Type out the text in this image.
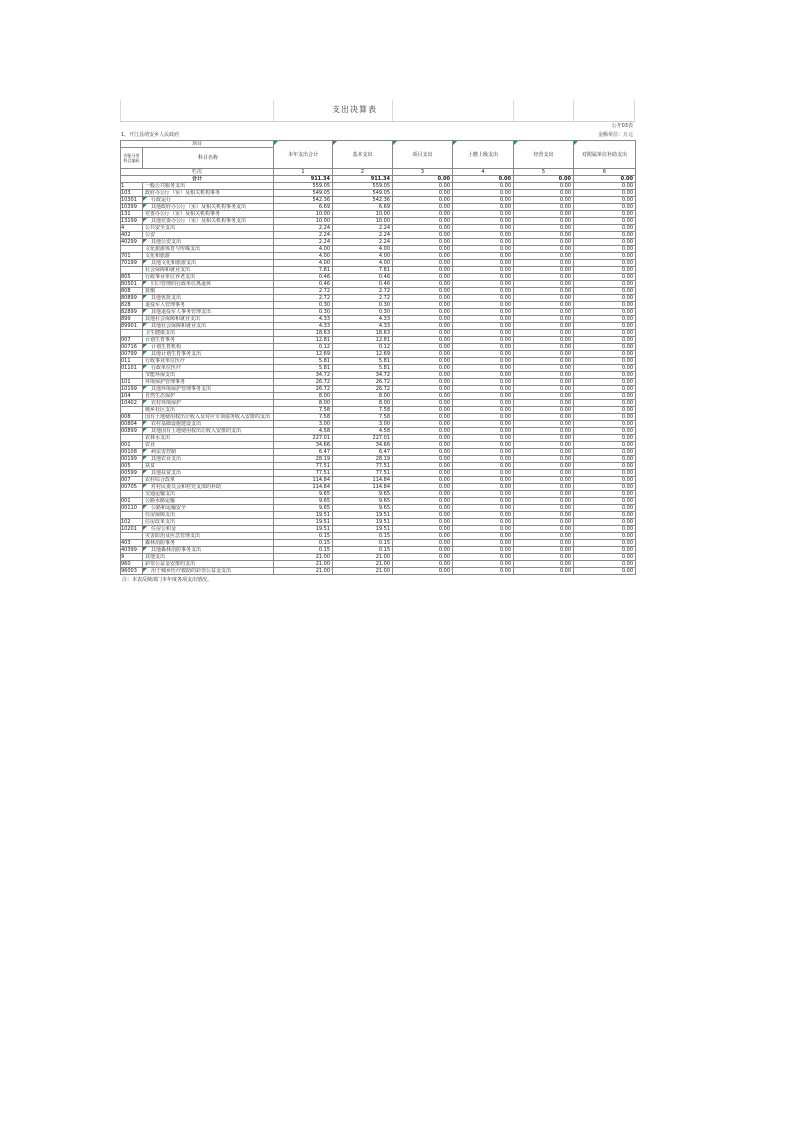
支出决算表
公开03表
1、开江县靖安乡人民政府	金额单位：万元
项目		本年支出合计	基本支出	项目支出	上缴上级支出	经营支出	对附属单位补助支出
功能分类科目编码	科目名称						
栏次		1	2	3	4	5	6
合计		911.34	911.34	0.00	0.00	0.00	0.00
1	一般公共服务支出	559.05	559.05	0.00	0.00	0.00	0.00
103	政府办公厅（室）及相关机构事务	549.05	549.05	0.00	0.00	0.00	0.00
10301	行政运行	542.36	542.36	0.00	0.00	0.00	0.00
10399	其他政府办公厅（室）及相关机构事务支出	6.69	6.69	0.00	0.00	0.00	0.00
131	党委办公厅（室）及相关机构事务	10.00	10.00	0.00	0.00	0.00	0.00
13199	其他党委办公厅（室）及相关机构事务支出	10.00	10.00	0.00	0.00	0.00	0.00
4	公共安全支出	2.24	2.24	0.00	0.00	0.00	0.00
402	公安	2.24	2.24	0.00	0.00	0.00	0.00
40299	其他公安支出	2.24	2.24	0.00	0.00	0.00	0.00
	文化旅游体育与传媒支出	4.00	4.00	0.00	0.00	0.00	0.00
701	文化和旅游	4.00	4.00	0.00	0.00	0.00	0.00
70199	其他文化和旅游支出	4.00	4.00	0.00	0.00	0.00	0.00
	社会保障和就业支出	7.81	7.81	0.00	0.00	0.00	0.00
805	行政事业单位养老支出	0.46	0.46	0.00	0.00	0.00	0.00
80501	归口管理的行政单位离退休	0.46	0.46	0.00	0.00	0.00	0.00
808	抚恤	2.72	2.72	0.00	0.00	0.00	0.00
80899	其他优抚支出	2.72	2.72	0.00	0.00	0.00	0.00
828	退役军人管理事务	0.30	0.30	0.00	0.00	0.00	0.00
82899	其他退役军人事务管理支出	0.30	0.30	0.00	0.00	0.00	0.00
899	其他社会保障和就业支出	4.33	4.33	0.00	0.00	0.00	0.00
89901	其他社会保障和就业支出	4.33	4.33	0.00	0.00	0.00	0.00
	卫生健康支出	18.63	18.63	0.00	0.00	0.00	0.00
007	计划生育事务	12.81	12.81	0.00	0.00	0.00	0.00
00716	计划生育机构	0.12	0.12	0.00	0.00	0.00	0.00
00799	其他计划生育事务支出	12.69	12.69	0.00	0.00	0.00	0.00
011	行政事业单位医疗	5.81	5.81	0.00	0.00	0.00	0.00
01101	行政单位医疗	5.81	5.81	0.00	0.00	0.00	0.00
	节能环保支出	34.72	34.72	0.00	0.00	0.00	0.00
101	环境保护管理事务	26.72	26.72	0.00	0.00	0.00	0.00
10199	其他环境保护管理事务支出	26.72	26.72	0.00	0.00	0.00	0.00
104	自然生态保护	8.00	8.00	0.00	0.00	0.00	0.00
10402	农村环境保护	8.00	8.00	0.00	0.00	0.00	0.00
	城乡社区支出	7.58	7.58	0.00	0.00	0.00	0.00
008	国有土地使用权出让收入及对应专项债务收入安排的支出	7.58	7.58	0.00	0.00	0.00	0.00
00804	农村基础设施建设支出	3.00	3.00	0.00	0.00	0.00	0.00
00899	其他国有土地使用权出让收入安排的支出	4.58	4.58	0.00	0.00	0.00	0.00
	农林水支出	227.01	227.01	0.00	0.00	0.00	0.00
001	农业	34.66	34.66	0.00	0.00	0.00	0.00
00108	病虫害控制	6.47	6.47	0.00	0.00	0.00	0.00
00199	其他农业支出	28.19	28.19	0.00	0.00	0.00	0.00
005	扶贫	77.51	77.51	0.00	0.00	0.00	0.00
00599	其他扶贫支出	77.51	77.51	0.00	0.00	0.00	0.00
007	农村综合改革	114.84	114.84	0.00	0.00	0.00	0.00
00705	对村民委员会和村党支部的补助	114.84	114.84	0.00	0.00	0.00	0.00
	交通运输支出	9.65	9.65	0.00	0.00	0.00	0.00
001	公路水路运输	9.65	9.65	0.00	0.00	0.00	0.00
00110	公路和运输安全	9.65	9.65	0.00	0.00	0.00	0.00
	住房保障支出	19.51	19.51	0.00	0.00	0.00	0.00
102	住房改革支出	19.51	19.51	0.00	0.00	0.00	0.00
10201	住房公积金	19.51	19.51	0.00	0.00	0.00	0.00
	灾害防治及应急管理支出	0.15	0.15	0.00	0.00	0.00	0.00
403	森林消防事务	0.15	0.15	0.00	0.00	0.00	0.00
40399	其他森林消防事务支出	0.15	0.15	0.00	0.00	0.00	0.00
9	其他支出	21.00	21.00	0.00	0.00	0.00	0.00
960	彩票公益金安排的支出	21.00	21.00	0.00	0.00	0.00	0.00
96003	用于城乡医疗救助的彩票公益金支出	21.00	21.00	0.00	0.00	0.00	0.00
注：本表反映部门本年度各项支出情况。
